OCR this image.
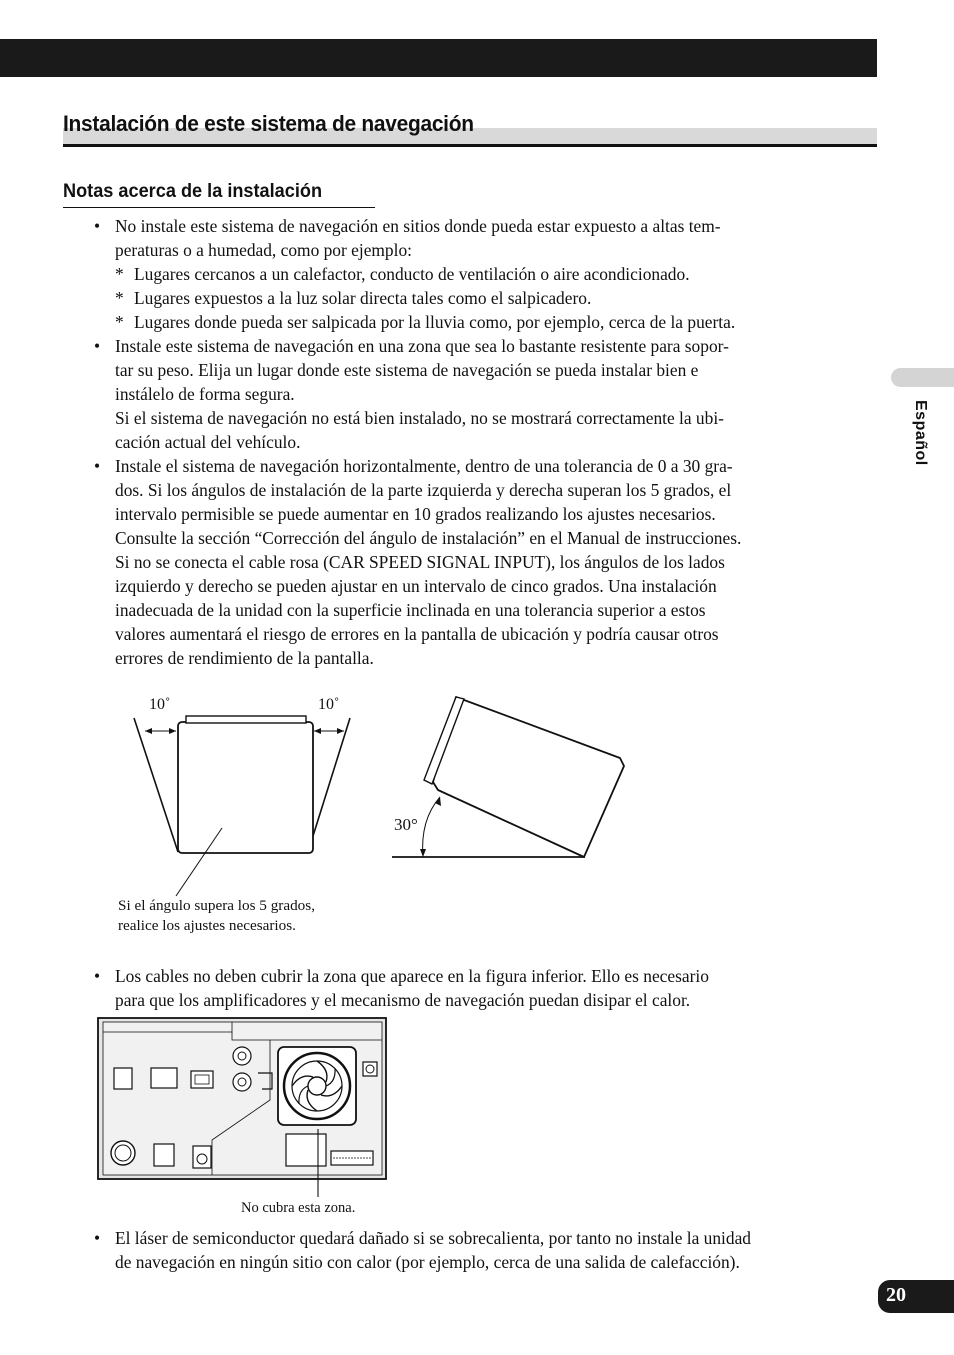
Instalación de este sistema de navegación
Notas acerca de la instalación
• No instale este sistema de navegación en sitios donde pueda estar expuesto a altas tem-
peraturas o a humedad, como por ejemplo:
* Lugares cercanos a un calefactor, conducto de ventilación o aire acondicionado.
* Lugares expuestos a la luz solar directa tales como el salpicadero.
* Lugares donde pueda ser salpicada por la lluvia como, por ejemplo, cerca de la puerta.
• Instale este sistema de navegación en una zona que sea lo bastante resistente para sopor-
tar su peso. Elija un lugar donde este sistema de navegación se pueda instalar bien e
instálelo de forma segura.
Si el sistema de navegación no está bien instalado, no se mostrará correctamente la ubi-
cación actual del vehículo.
• Instale el sistema de navegación horizontalmente, dentro de una tolerancia de 0 a 30 gra-
dos. Si los ángulos de instalación de la parte izquierda y derecha superan los 5 grados, el
intervalo permisible se puede aumentar en 10 grados realizando los ajustes necesarios.
Consulte la sección “Corrección del ángulo de instalación” en el Manual de instrucciones.
Si no se conecta el cable rosa (CAR SPEED SIGNAL INPUT), los ángulos de los lados
izquierdo y derecho se pueden ajustar en un intervalo de cinco grados. Una instalación
inadecuada de la unidad con la superficie inclinada en una tolerancia superior a estos
valores aumentará el riesgo de errores en la pantalla de ubicación y podría causar otros
errores de rendimiento de la pantalla.
10˚	10˚
30°
Si el ángulo supera los 5 grados,
realice los ajustes necesarios.
• Los cables no deben cubrir la zona que aparece en la figura inferior. Ello es necesario
para que los amplificadores y el mecanismo de navegación puedan disipar el calor.
No cubra esta zona.
• El láser de semiconductor quedará dañado si se sobrecalienta, por tanto no instale la unidad
de navegación en ningún sitio con calor (por ejemplo, cerca de una salida de calefacción).
Español
20
